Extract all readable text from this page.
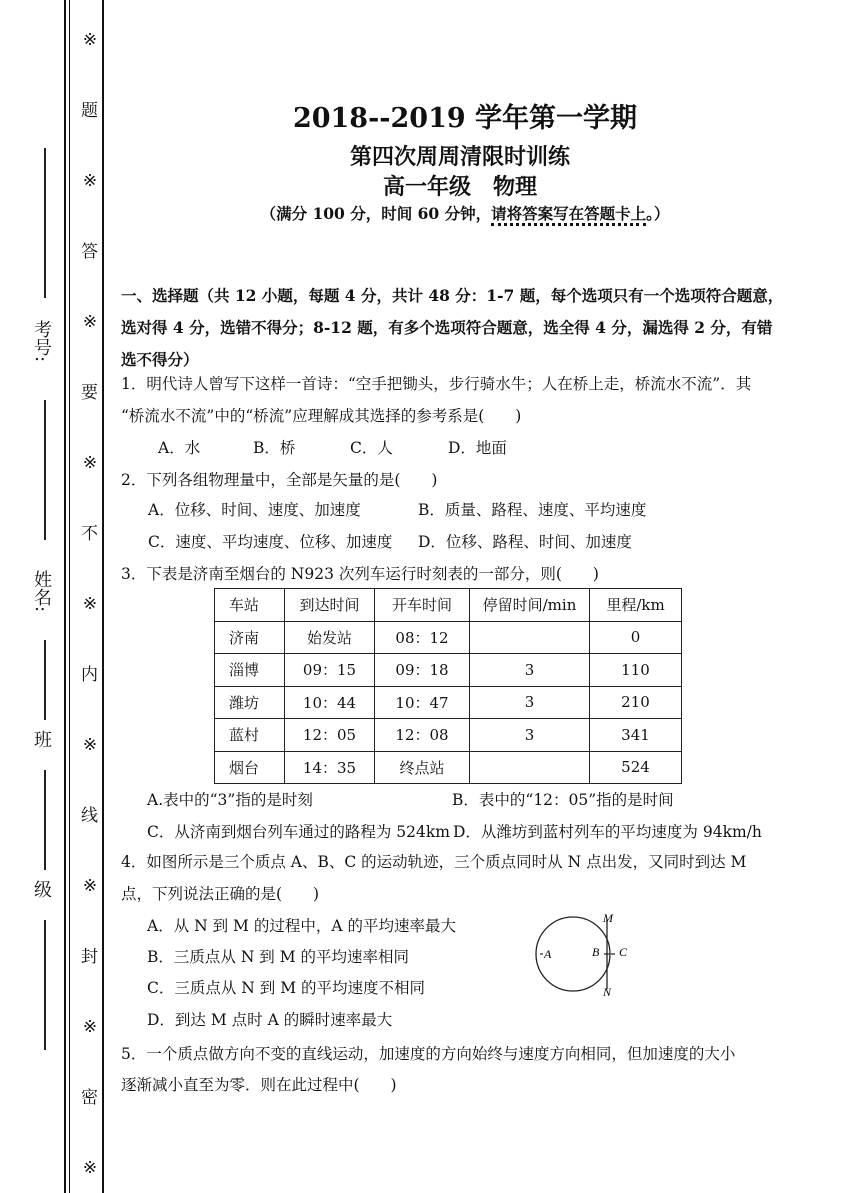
※
题
※
答
※
要
※
不
※
内
※
线
※
封
※
密
※
考号:
姓名:
班
级
2018--2019 学年第一学期
第四次周周清限时训练
高一年级　物理
（满分 100 分，时间 60 分钟，请将答案写在答题卡上。）
一、选择题（共 12 小题，每题 4 分，共计 48 分：1-7 题，每个选项只有一个选项符合题意，
选对得 4 分，选错不得分；8-12 题，有多个选项符合题意，选全得 4 分，漏选得 2 分，有错
选不得分）
1．明代诗人曾写下这样一首诗：“空手把锄头，步行骑水牛；人在桥上走，桥流水不流”．其
“桥流水不流”中的“桥流”应理解成其选择的参考系是(　　)
A．水	B．桥	C．人	D．地面
2．下列各组物理量中，全部是矢量的是(　　)
A．位移、时间、速度、加速度	B．质量、路程、速度、平均速度
C．速度、平均速度、位移、加速度 D．位移、路程、时间、加速度
3．下表是济南至烟台的 N923 次列车运行时刻表的一部分，则(　　)
车站	到达时间	开车时间	停留时间/min	里程/km
济南	始发站	08：12		0
淄博	09：15	09：18	3	110
潍坊	10：44	10：47	3	210
蓝村	12：05	12：08	3	341
烟台	14：35	终点站		524
A.表中的“3”指的是时刻	B．表中的“12：05”指的是时间
C．从济南到烟台列车通过的路程为 524km D．从潍坊到蓝村列车的平均速度为 94km/h
4．如图所示是三个质点 A、B、C 的运动轨迹，三个质点同时从 N 点出发，又同时到达 M
点，下列说法正确的是(　　)
A．从 N 到 M 的过程中，A 的平均速率最大
B．三质点从 N 到 M 的平均速率相同
C．三质点从 N 到 M 的平均速度不相同
D．到达 M 点时 A 的瞬时速率最大
M
N
A	B C
5．一个质点做方向不变的直线运动，加速度的方向始终与速度方向相同，但加速度的大小
逐渐减小直至为零．则在此过程中(　　)
